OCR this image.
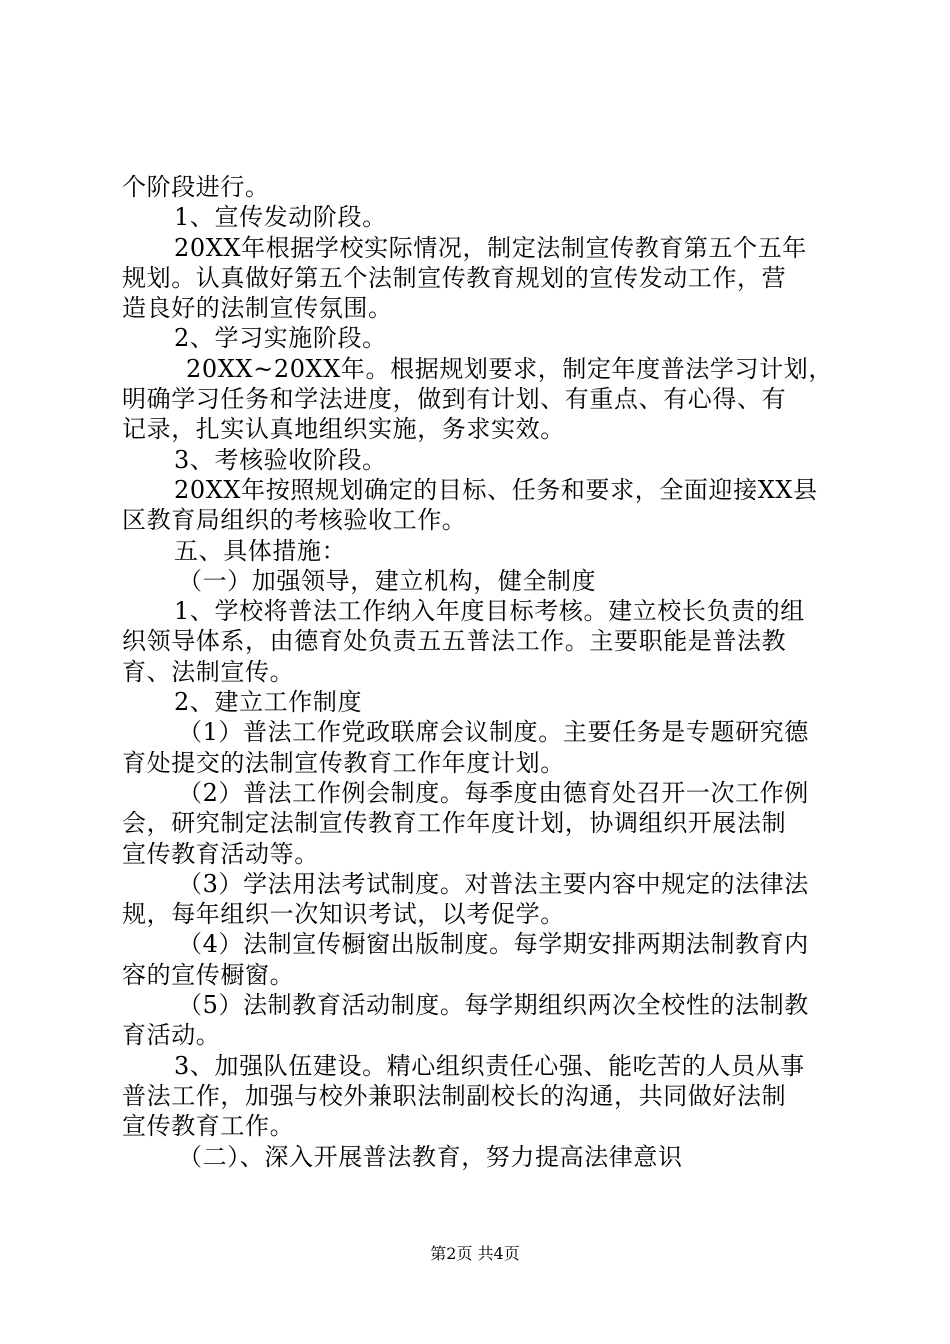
个阶段进行。
1、宣传发动阶段。
20XX年根据学校实际情况，制定法制宣传教育第五个五年
规划。认真做好第五个法制宣传教育规划的宣传发动工作，营
造良好的法制宣传氛围。
2、学习实施阶段。
20XX~20XX年。根据规划要求，制定年度普法学习计划，
明确学习任务和学法进度，做到有计划、有重点、有心得、有
记录，扎实认真地组织实施，务求实效。
3、考核验收阶段。
20XX年按照规划确定的目标、任务和要求，全面迎接XX县
区教育局组织的考核验收工作。
五、具体措施：
（一）加强领导，建立机构，健全制度
1、学校将普法工作纳入年度目标考核。建立校长负责的组
织领导体系，由德育处负责五五普法工作。主要职能是普法教
育、法制宣传。
2、建立工作制度
（1）普法工作党政联席会议制度。主要任务是专题研究德
育处提交的法制宣传教育工作年度计划。
（2）普法工作例会制度。每季度由德育处召开一次工作例
会，研究制定法制宣传教育工作年度计划，协调组织开展法制
宣传教育活动等。
（3）学法用法考试制度。对普法主要内容中规定的法律法
规，每年组织一次知识考试，以考促学。
（4）法制宣传橱窗出版制度。每学期安排两期法制教育内
容的宣传橱窗。
（5）法制教育活动制度。每学期组织两次全校性的法制教
育活动。
3、加强队伍建设。精心组织责任心强、能吃苦的人员从事
普法工作，加强与校外兼职法制副校长的沟通，共同做好法制
宣传教育工作。
（二）、深入开展普法教育，努力提高法律意识
第2页 共4页
